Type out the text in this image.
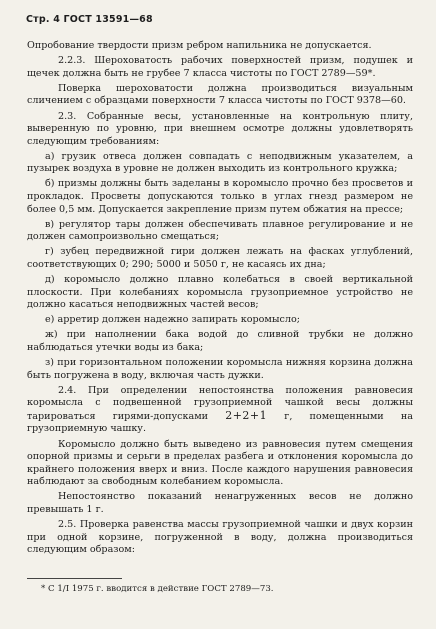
Стр. 4 ГОСТ 13591—68

Опробование твердости призм ребром напильника не допускается.

2.2.3. Шероховатость рабочих поверхностей призм, подушек и щечек должна быть не грубее 7 класса чистоты по ГОСТ 2789—59*.

Поверка шероховатости должна производиться визуальным сличением с образцами поверхности 7 класса чистоты по ГОСТ 9378—60.

2.3. Собранные весы, установленные на контрольную плиту, выверенную по уровню, при внешнем осмотре должны удовлетворять следующим требованиям:

а) грузик отвеса должен совпадать с неподвижным указателем, а пузырек воздуха в уровне не должен выходить из контрольного кружка;

б) призмы должны быть заделаны в коромысло прочно без просветов и прокладок. Просветы допускаются только в углах гнезд размером не более 0,5 мм. Допускается закрепление призм путем обжатия на прессе;

в) регулятор тары должен обеспечивать плавное регулирование и не должен самопроизвольно смещаться;

г) зубец передвижной гири должен лежать на фасках углублений, соответствующих 0; 290; 5000 и 5050 г, не касаясь их дна;

д) коромысло должно плавно колебаться в своей вертикальной плоскости. При колебаниях коромысла грузоприемное устройство не должно касаться неподвижных частей весов;

е) арретир должен надежно запирать коромысло;

ж) при наполнении бака водой до сливной трубки не должно наблюдаться утечки воды из бака;

з) при горизонтальном положении коромысла нижняя корзина должна быть погружена в воду, включая часть дужки.

2.4. При определении непостоянства положения равновесия коромысла с подвешенной грузоприемной чашкой весы должны тарироваться гирями-допусками 2+2+1 г, помещенными на грузоприемную чашку.

Коромысло должно быть выведено из равновесия путем смещения опорной призмы и серьги в пределах разбега и отклонения коромысла до крайнего положения вверх и вниз. После каждого нарушения равновесия наблюдают за свободным колебанием коромысла.

Непостоянство показаний ненагруженных весов не должно превышать 1 г.

2.5. Проверка равенства массы грузоприемной чашки и двух корзин при одной корзине, погруженной в воду, должна производиться следующим образом:

* С 1/I 1975 г. вводится в действие ГОСТ 2789—73.
